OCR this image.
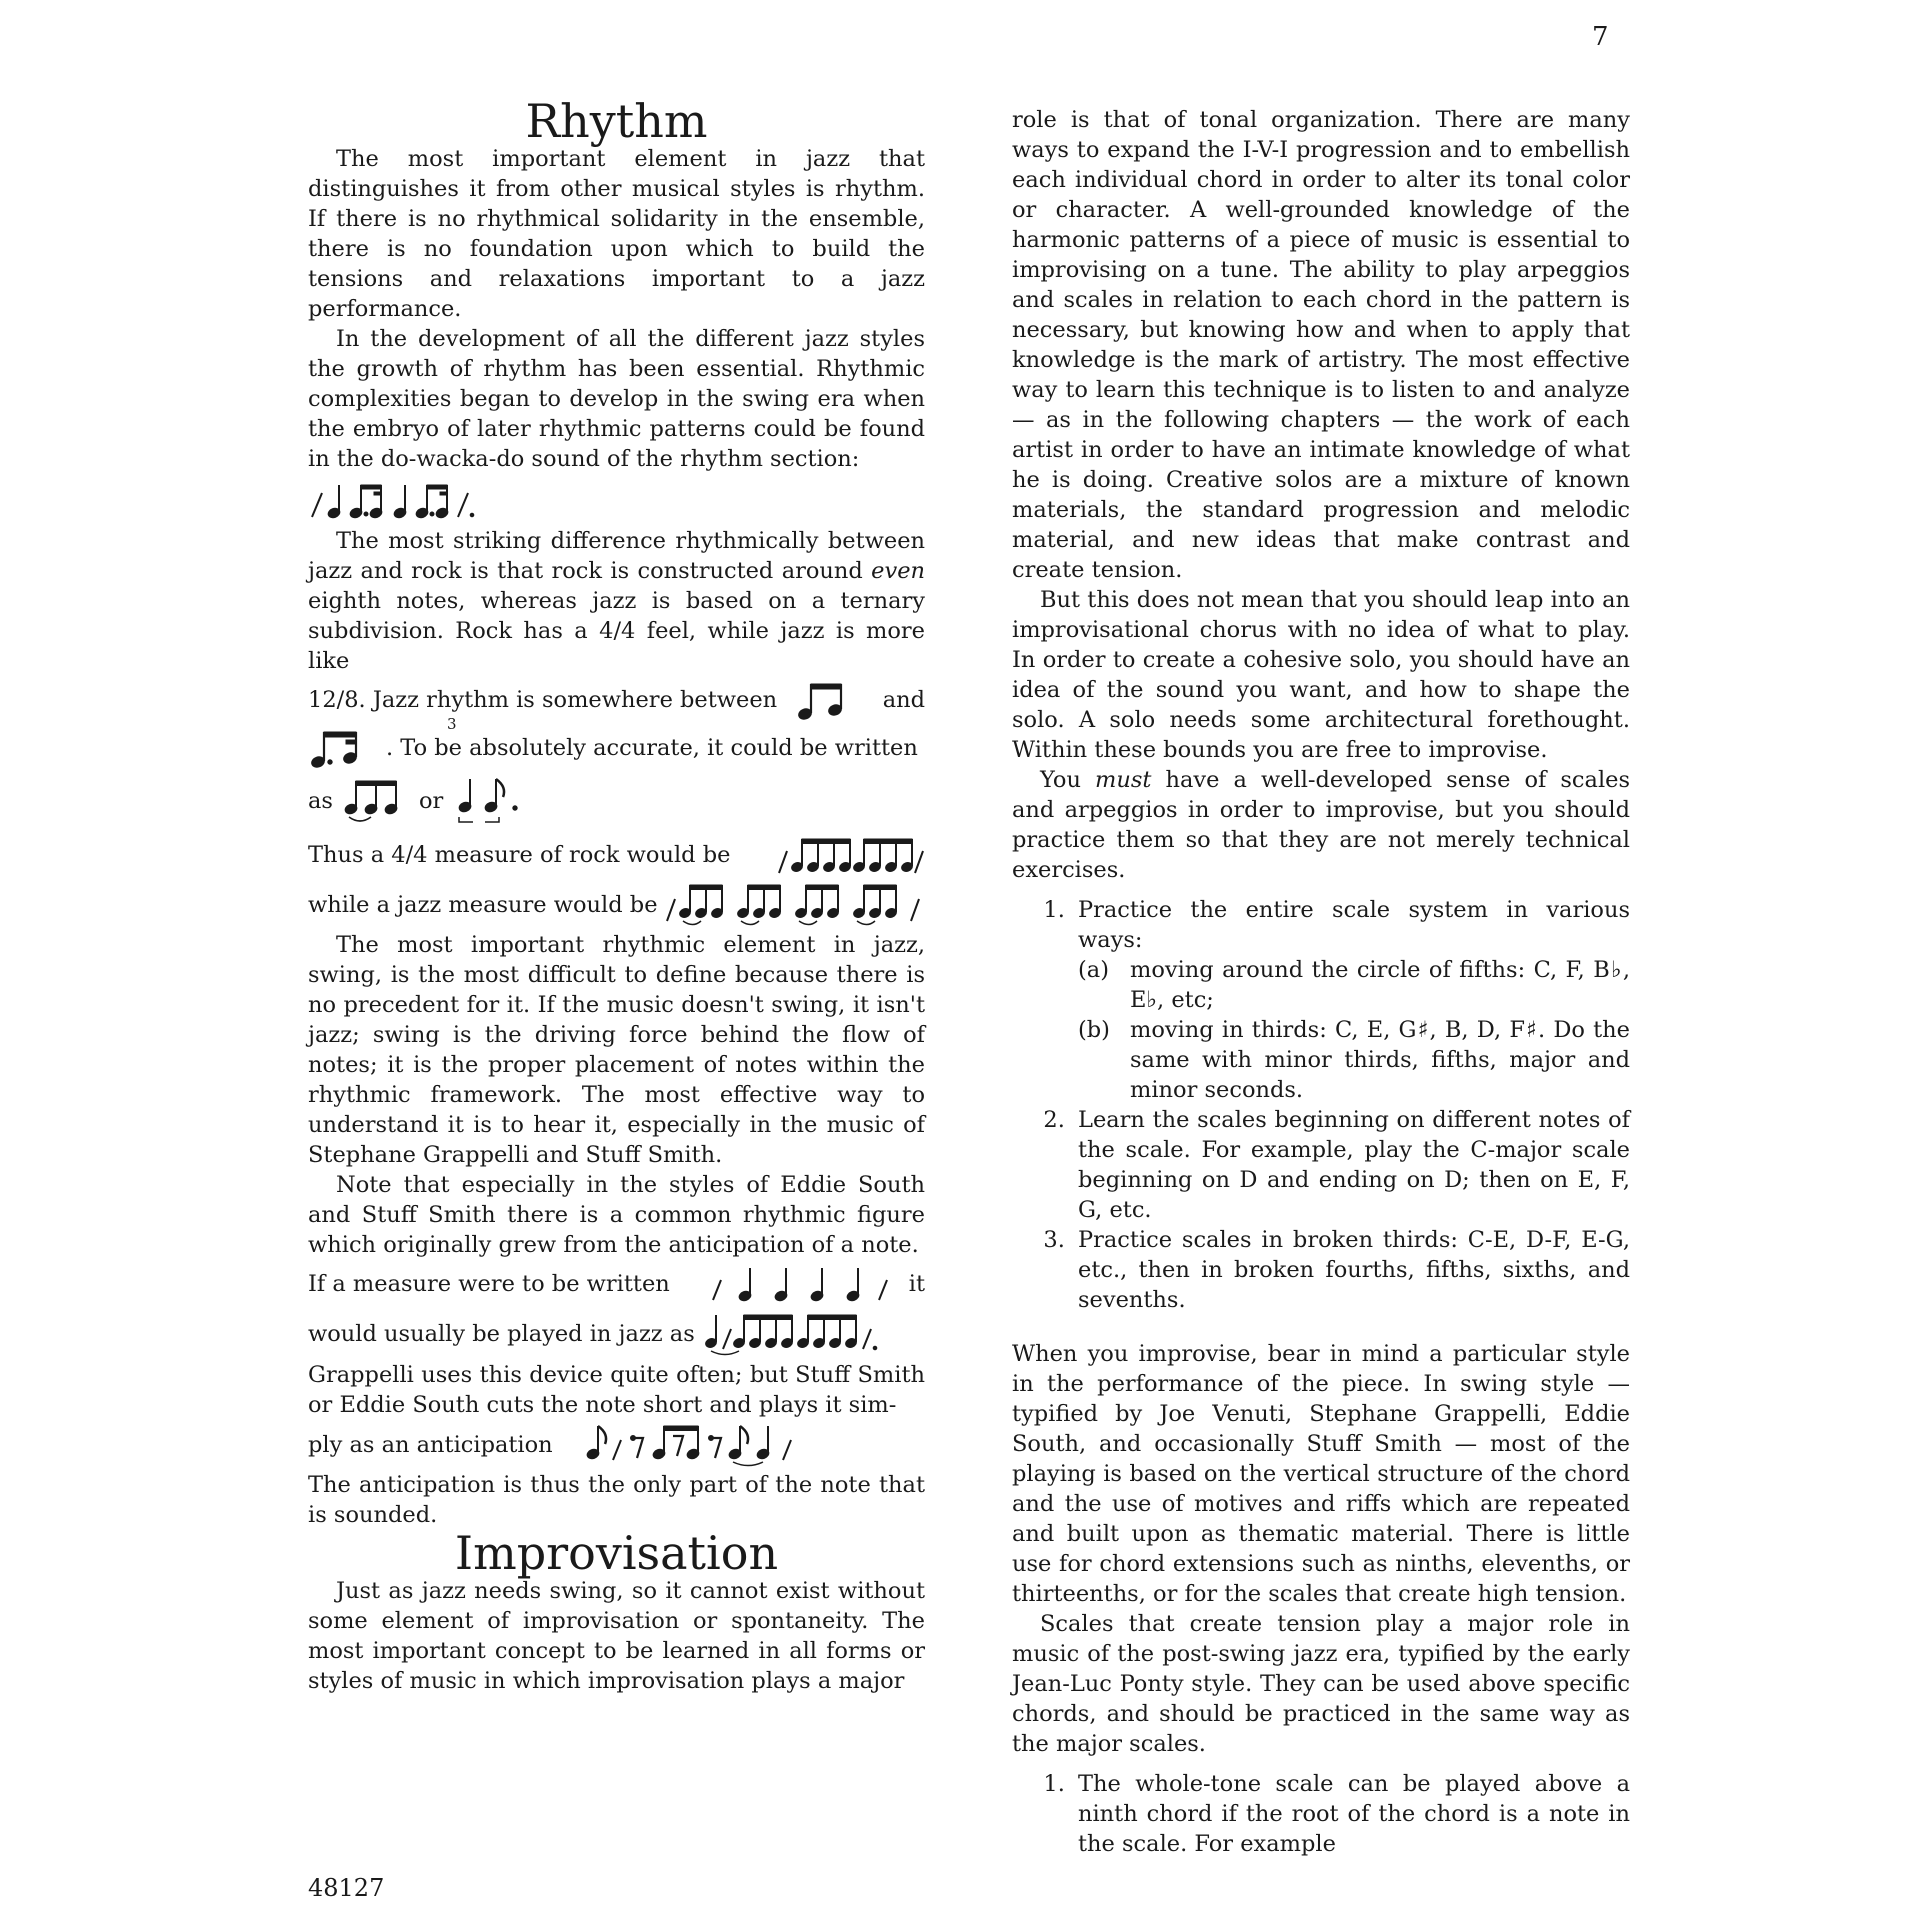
7
Rhythm

The most important element in jazz that distinguishes it from other musical styles is rhythm. If there is no rhythmical solidarity in the ensemble, there is no foundation upon which to build the tensions and relaxations important to a jazz performance.

In the development of all the different jazz styles the growth of rhythm has been essential. Rhythmic complexities began to develop in the swing era when the embryo of later rhythmic patterns could be found in the do-wacka-do sound of the rhythm section:

The most striking difference rhythmically between jazz and rock is that rock is constructed around even eighth notes, whereas jazz is based on a ternary subdivision. Rock has a 4/4 feel, while jazz is more like

12/8. Jazz rhythm is somewhere between	and
. To be absolutely accurate, it could be written
as	or
3
Thus a 4/4 measure of rock would be
while a jazz measure would be

The most important rhythmic element in jazz, swing, is the most difficult to define because there is no precedent for it. If the music doesn't swing, it isn't jazz; swing is the driving force behind the flow of notes; it is the proper placement of notes within the rhythmic framework. The most effective way to understand it is to hear it, especially in the music of Stephane Grappelli and Stuff Smith.

Note that especially in the styles of Eddie South and Stuff Smith there is a common rhythmic figure which originally grew from the anticipation of a note.

If a measure were to be written	it
would usually be played in jazz as

Grappelli uses this device quite often; but Stuff Smith or Eddie South cuts the note short and plays it sim-

ply as an anticipation

The anticipation is thus the only part of the note that is sounded.

Improvisation

Just as jazz needs swing, so it cannot exist without some element of improvisation or spontaneity. The most important concept to be learned in all forms or styles of music in which improvisation plays a major

role is that of tonal organization. There are many ways to expand the I-V-I progression and to embellish each individual chord in order to alter its tonal color or character. A well-grounded knowledge of the harmonic patterns of a piece of music is essential to improvising on a tune. The ability to play arpeggios and scales in relation to each chord in the pattern is necessary, but knowing how and when to apply that knowledge is the mark of artistry. The most effective way to learn this technique is to listen to and analyze — as in the following chapters — the work of each artist in order to have an intimate knowledge of what he is doing. Creative solos are a mixture of known materials, the standard progression and melodic material, and new ideas that make contrast and create tension.

But this does not mean that you should leap into an improvisational chorus with no idea of what to play. In order to create a cohesive solo, you should have an idea of the sound you want, and how to shape the solo. A solo needs some architectural forethought. Within these bounds you are free to improvise.

You must have a well-developed sense of scales and arpeggios in order to improvise, but you should practice them so that they are not merely technical exercises.

1. Practice the entire scale system in various ways:
(a) moving around the circle of fifths: C, F, B♭, E♭, etc;
(b) moving in thirds: C, E, G♯, B, D, F♯. Do the same with minor thirds, fifths, major and minor seconds.
2. Learn the scales beginning on different notes of the scale. For example, play the C-major scale beginning on D and ending on D; then on E, F, G, etc.
3. Practice scales in broken thirds: C-E, D-F, E-G, etc., then in broken fourths, fifths, sixths, and sevenths.

When you improvise, bear in mind a particular style in the performance of the piece. In swing style — typified by Joe Venuti, Stephane Grappelli, Eddie South, and occasionally Stuff Smith — most of the playing is based on the vertical structure of the chord and the use of motives and riffs which are repeated and built upon as thematic material. There is little use for chord extensions such as ninths, elevenths, or thirteenths, or for the scales that create high tension.

Scales that create tension play a major role in music of the post-swing jazz era, typified by the early Jean-Luc Ponty style. They can be used above specific chords, and should be practiced in the same way as the major scales.

1. The whole-tone scale can be played above a ninth chord if the root of the chord is a note in the scale. For example
48127
